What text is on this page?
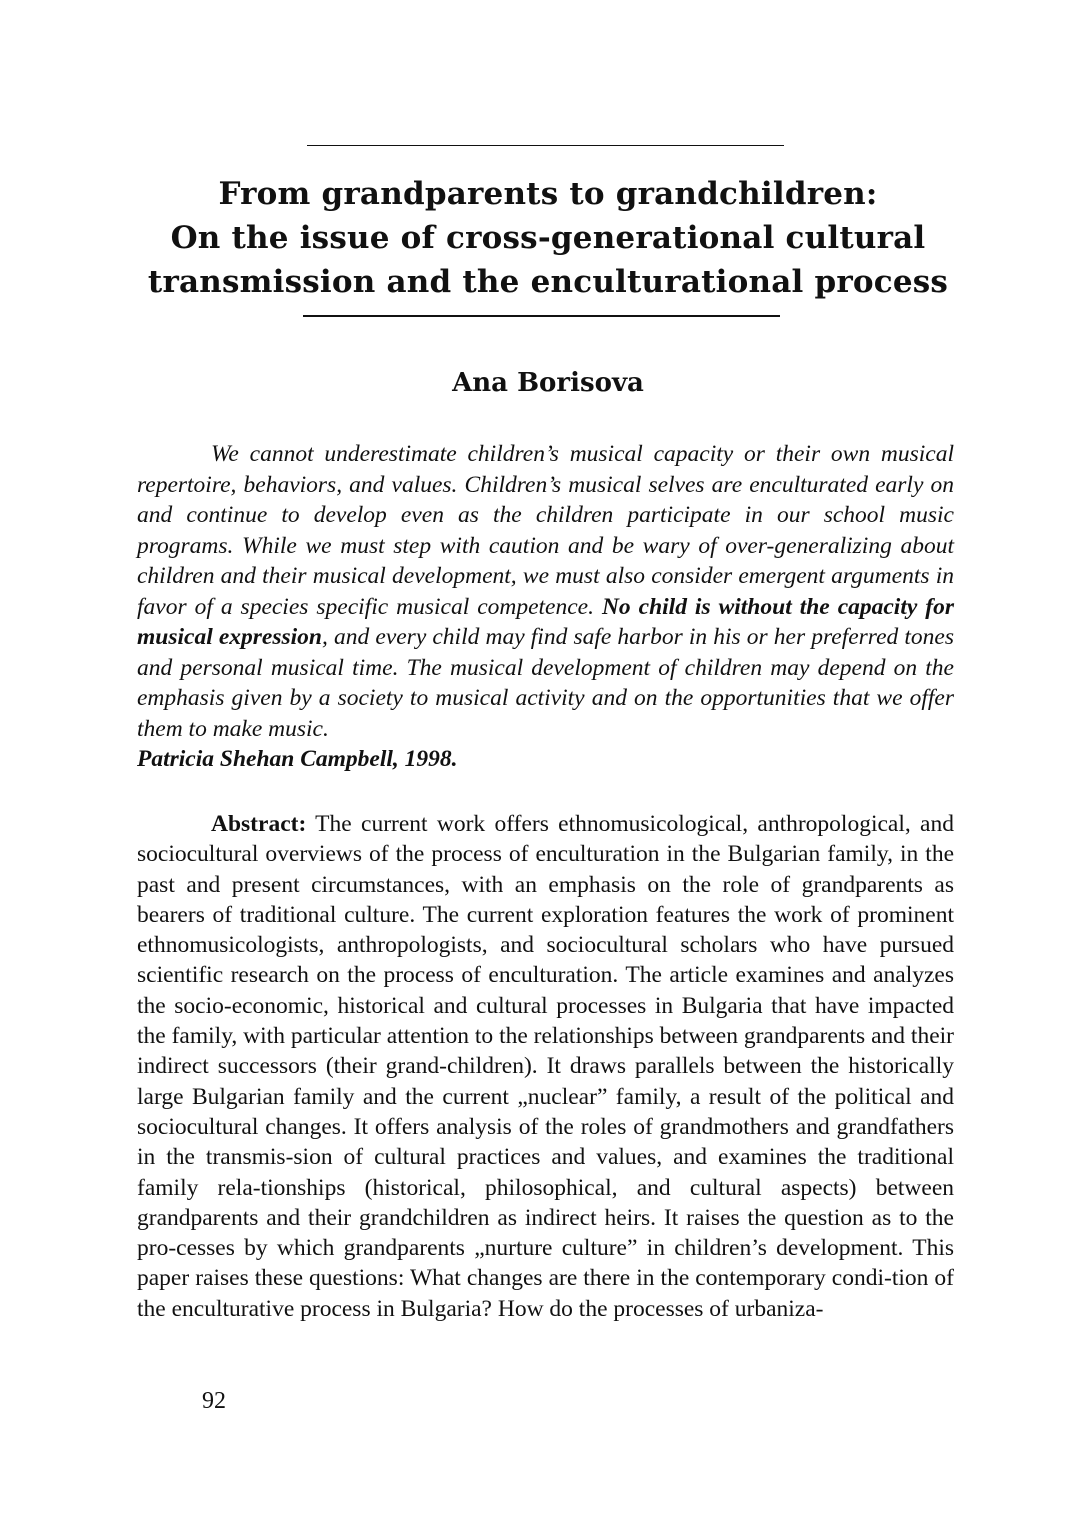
From grandparents to grandchildren:
On the issue of cross-generational cultural
transmission and the enculturational process
Ana Borisova

We cannot underestimate children’s musical capacity or their own musical repertoire, behaviors, and values. Children’s musical selves are enculturated early on and continue to develop even as the children participate in our school music programs. While we must step with caution and be wary of over-generalizing about children and their musical development, we must also consider emergent arguments in favor of a species specific musical competence. No child is without the capacity for musical expression, and every child may find safe harbor in his or her preferred tones and personal musical time. The musical development of children may depend on the emphasis given by a society to musical activity and on the opportunities that we offer them to make music.
Patricia Shehan Campbell, 1998.

Abstract: The current work offers ethnomusicological, anthropological, and sociocultural overviews of the process of enculturation in the Bulgarian family, in the past and present circumstances, with an emphasis on the role of grandparents as bearers of traditional culture. The current exploration features the work of prominent ethnomusicologists, anthropologists, and sociocultural scholars who have pursued scientific research on the process of enculturation. The article examines and analyzes the socio-economic, historical and cultural processes in Bulgaria that have impacted the family, with particular attention to the relationships between grandparents and their indirect successors (their grand-children). It draws parallels between the historically large Bulgarian family and the current „nuclear” family, a result of the political and sociocultural changes. It offers analysis of the roles of grandmothers and grandfathers in the transmis-sion of cultural practices and values, and examines the traditional family rela-tionships (historical, philosophical, and cultural aspects) between grandparents and their grandchildren as indirect heirs. It raises the question as to the pro-cesses by which grandparents „nurture culture” in children’s development. This paper raises these questions: What changes are there in the contemporary condi-tion of the enculturative process in Bulgaria? How do the processes of urbaniza-

92
